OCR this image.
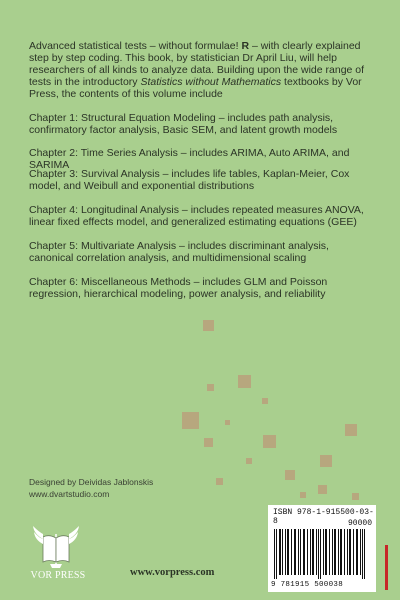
Advanced statistical tests – without formulae! R – with clearly explained step by step coding. This book, by statistician Dr April Liu, will help researchers of all kinds to analyze data. Building upon the wide range of tests in the introductory Statistics without Mathematics textbooks by Vor Press, the contents of this volume include

Chapter 1: Structural Equation Modeling – includes path analysis, confirmatory factor analysis, Basic SEM, and latent growth models

Chapter 2: Time Series Analysis – includes ARIMA, Auto ARIMA, and SARIMA

Chapter 3: Survival Analysis – includes life tables, Kaplan-Meier, Cox model, and Weibull and exponential distributions

Chapter 4: Longitudinal Analysis – includes repeated measures ANOVA, linear fixed effects model, and generalized estimating equations (GEE)

Chapter 5: Multivariate Analysis – includes discriminant analysis, canonical correlation analysis, and multidimensional scaling

Chapter 6: Miscellaneous Methods – includes GLM and Poisson regression, hierarchical modeling, power analysis, and reliability

Designed by Deividas Jablonskis
www.dvartstudio.com
VOR PRESS	www.vorpress.com
ISBN 978-1-915500-03-8	90000
9 781915 500038
